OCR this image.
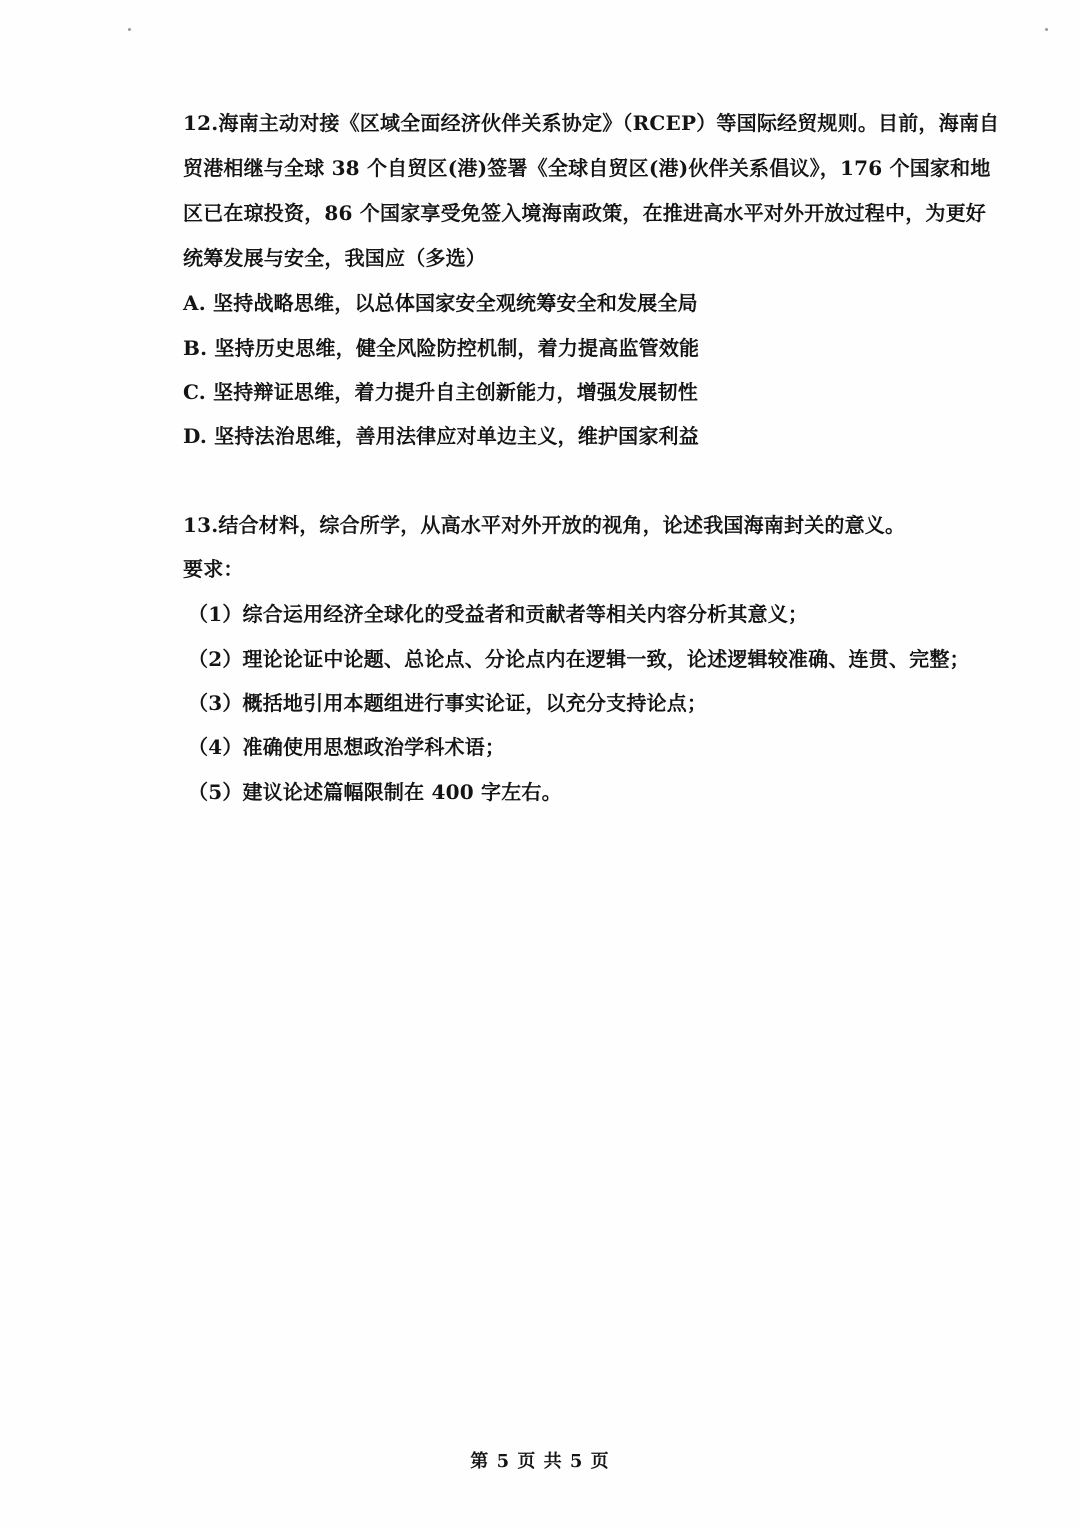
12.海南主动对接《区域全面经济伙伴关系协定》（RCEP）等国际经贸规则。目前，海南自
贸港相继与全球 38 个自贸区(港)签署《全球自贸区(港)伙伴关系倡议》，176 个国家和地
区已在琼投资，86 个国家享受免签入境海南政策，在推进高水平对外开放过程中，为更好
统筹发展与安全，我国应（多选）
A. 坚持战略思维，以总体国家安全观统筹安全和发展全局
B. 坚持历史思维，健全风险防控机制，着力提高监管效能
C. 坚持辩证思维，着力提升自主创新能力，增强发展韧性
D. 坚持法治思维，善用法律应对单边主义，维护国家利益
13.结合材料，综合所学，从高水平对外开放的视角，论述我国海南封关的意义。
要求：
（1）综合运用经济全球化的受益者和贡献者等相关内容分析其意义；
（2）理论论证中论题、总论点、分论点内在逻辑一致，论述逻辑较准确、连贯、完整；
（3）概括地引用本题组进行事实论证，以充分支持论点；
（4）准确使用思想政治学科术语；
（5）建议论述篇幅限制在 400 字左右。
第 5 页 共 5 页
